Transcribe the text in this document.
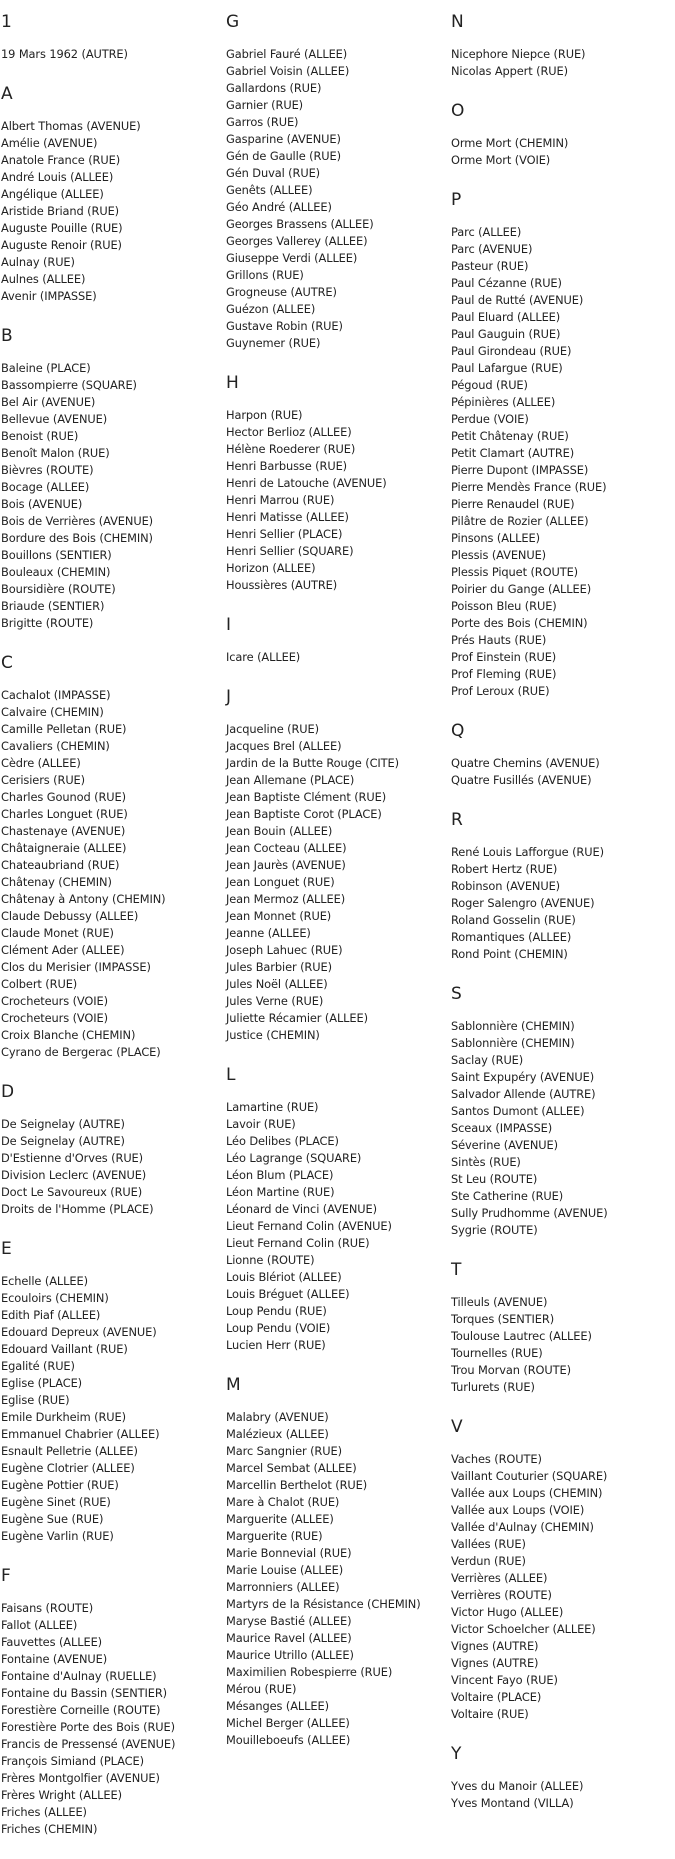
1
19 Mars 1962 (AUTRE)
A
Albert Thomas (AVENUE)
Amélie (AVENUE)
Anatole France (RUE)
André Louis (ALLEE)
Angélique (ALLEE)
Aristide Briand (RUE)
Auguste Pouille (RUE)
Auguste Renoir (RUE)
Aulnay (RUE)
Aulnes (ALLEE)
Avenir (IMPASSE)
B
Baleine (PLACE)
Bassompierre (SQUARE)
Bel Air (AVENUE)
Bellevue (AVENUE)
Benoist (RUE)
Benoît Malon (RUE)
Bièvres (ROUTE)
Bocage (ALLEE)
Bois (AVENUE)
Bois de Verrières (AVENUE)
Bordure des Bois (CHEMIN)
Bouillons (SENTIER)
Bouleaux (CHEMIN)
Boursidière (ROUTE)
Briaude (SENTIER)
Brigitte (ROUTE)
C
Cachalot (IMPASSE)
Calvaire (CHEMIN)
Camille Pelletan (RUE)
Cavaliers (CHEMIN)
Cèdre (ALLEE)
Cerisiers (RUE)
Charles Gounod (RUE)
Charles Longuet (RUE)
Chastenaye (AVENUE)
Châtaigneraie (ALLEE)
Chateaubriand (RUE)
Châtenay (CHEMIN)
Châtenay à Antony (CHEMIN)
Claude Debussy (ALLEE)
Claude Monet (RUE)
Clément Ader (ALLEE)
Clos du Merisier (IMPASSE)
Colbert (RUE)
Crocheteurs (VOIE)
Crocheteurs (VOIE)
Croix Blanche (CHEMIN)
Cyrano de Bergerac (PLACE)
D
De Seignelay (AUTRE)
De Seignelay (AUTRE)
D'Estienne d'Orves (RUE)
Division Leclerc (AVENUE)
Doct Le Savoureux (RUE)
Droits de l'Homme (PLACE)
E
Echelle (ALLEE)
Ecouloirs (CHEMIN)
Edith Piaf (ALLEE)
Edouard Depreux (AVENUE)
Edouard Vaillant (RUE)
Egalité (RUE)
Eglise (PLACE)
Eglise (RUE)
Emile Durkheim (RUE)
Emmanuel Chabrier (ALLEE)
Esnault Pelletrie (ALLEE)
Eugène Clotrier (ALLEE)
Eugène Pottier (RUE)
Eugène Sinet (RUE)
Eugène Sue (RUE)
Eugène Varlin (RUE)
F
Faisans (ROUTE)
Fallot (ALLEE)
Fauvettes (ALLEE)
Fontaine (AVENUE)
Fontaine d'Aulnay (RUELLE)
Fontaine du Bassin (SENTIER)
Forestière Corneille (ROUTE)
Forestière Porte des Bois (RUE)
Francis de Pressensé (AVENUE)
François Simiand (PLACE)
Frères Montgolfier (AVENUE)
Frères Wright (ALLEE)
Friches (ALLEE)
Friches (CHEMIN)
G
Gabriel Fauré (ALLEE)
Gabriel Voisin (ALLEE)
Gallardons (RUE)
Garnier (RUE)
Garros (RUE)
Gasparine (AVENUE)
Gén de Gaulle (RUE)
Gén Duval (RUE)
Genêts (ALLEE)
Géo André (ALLEE)
Georges Brassens (ALLEE)
Georges Vallerey (ALLEE)
Giuseppe Verdi (ALLEE)
Grillons (RUE)
Grogneuse (AUTRE)
Guézon (ALLEE)
Gustave Robin (RUE)
Guynemer (RUE)
H
Harpon (RUE)
Hector Berlioz (ALLEE)
Hélène Roederer (RUE)
Henri Barbusse (RUE)
Henri de Latouche (AVENUE)
Henri Marrou (RUE)
Henri Matisse (ALLEE)
Henri Sellier (PLACE)
Henri Sellier (SQUARE)
Horizon (ALLEE)
Houssières (AUTRE)
I
Icare (ALLEE)
J
Jacqueline (RUE)
Jacques Brel (ALLEE)
Jardin de la Butte Rouge (CITE)
Jean Allemane (PLACE)
Jean Baptiste Clément (RUE)
Jean Baptiste Corot (PLACE)
Jean Bouin (ALLEE)
Jean Cocteau (ALLEE)
Jean Jaurès (AVENUE)
Jean Longuet (RUE)
Jean Mermoz (ALLEE)
Jean Monnet (RUE)
Jeanne (ALLEE)
Joseph Lahuec (RUE)
Jules Barbier (RUE)
Jules Noël (ALLEE)
Jules Verne (RUE)
Juliette Récamier (ALLEE)
Justice (CHEMIN)
L
Lamartine (RUE)
Lavoir (RUE)
Léo Delibes (PLACE)
Léo Lagrange (SQUARE)
Léon Blum (PLACE)
Léon Martine (RUE)
Léonard de Vinci (AVENUE)
Lieut Fernand Colin (AVENUE)
Lieut Fernand Colin (RUE)
Lionne (ROUTE)
Louis Blériot (ALLEE)
Louis Bréguet (ALLEE)
Loup Pendu (RUE)
Loup Pendu (VOIE)
Lucien Herr (RUE)
M
Malabry (AVENUE)
Malézieux (ALLEE)
Marc Sangnier (RUE)
Marcel Sembat (ALLEE)
Marcellin Berthelot (RUE)
Mare à Chalot (RUE)
Marguerite (ALLEE)
Marguerite (RUE)
Marie Bonnevial (RUE)
Marie Louise (ALLEE)
Marronniers (ALLEE)
Martyrs de la Résistance (CHEMIN)
Maryse Bastié (ALLEE)
Maurice Ravel (ALLEE)
Maurice Utrillo (ALLEE)
Maximilien Robespierre (RUE)
Mérou (RUE)
Mésanges (ALLEE)
Michel Berger (ALLEE)
Mouilleboeufs (ALLEE)
N
Nicephore Niepce (RUE)
Nicolas Appert (RUE)
O
Orme Mort (CHEMIN)
Orme Mort (VOIE)
P
Parc (ALLEE)
Parc (AVENUE)
Pasteur (RUE)
Paul Cézanne (RUE)
Paul de Rutté (AVENUE)
Paul Eluard (ALLEE)
Paul Gauguin (RUE)
Paul Girondeau (RUE)
Paul Lafargue (RUE)
Pégoud (RUE)
Pépinières (ALLEE)
Perdue (VOIE)
Petit Châtenay (RUE)
Petit Clamart (AUTRE)
Pierre Dupont (IMPASSE)
Pierre Mendès France (RUE)
Pierre Renaudel (RUE)
Pilâtre de Rozier (ALLEE)
Pinsons (ALLEE)
Plessis (AVENUE)
Plessis Piquet (ROUTE)
Poirier du Gange (ALLEE)
Poisson Bleu (RUE)
Porte des Bois (CHEMIN)
Prés Hauts (RUE)
Prof Einstein (RUE)
Prof Fleming (RUE)
Prof Leroux (RUE)
Q
Quatre Chemins (AVENUE)
Quatre Fusillés (AVENUE)
R
René Louis Lafforgue (RUE)
Robert Hertz (RUE)
Robinson (AVENUE)
Roger Salengro (AVENUE)
Roland Gosselin (RUE)
Romantiques (ALLEE)
Rond Point (CHEMIN)
S
Sablonnière (CHEMIN)
Sablonnière (CHEMIN)
Saclay (RUE)
Saint Expupéry (AVENUE)
Salvador Allende (AUTRE)
Santos Dumont (ALLEE)
Sceaux (IMPASSE)
Séverine (AVENUE)
Sintès (RUE)
St Leu (ROUTE)
Ste Catherine (RUE)
Sully Prudhomme (AVENUE)
Sygrie (ROUTE)
T
Tilleuls (AVENUE)
Torques (SENTIER)
Toulouse Lautrec (ALLEE)
Tournelles (RUE)
Trou Morvan (ROUTE)
Turlurets (RUE)
V
Vaches (ROUTE)
Vaillant Couturier (SQUARE)
Vallée aux Loups (CHEMIN)
Vallée aux Loups (VOIE)
Vallée d'Aulnay (CHEMIN)
Vallées (RUE)
Verdun (RUE)
Verrières (ALLEE)
Verrières (ROUTE)
Victor Hugo (ALLEE)
Victor Schoelcher (ALLEE)
Vignes (AUTRE)
Vignes (AUTRE)
Vincent Fayo (RUE)
Voltaire (PLACE)
Voltaire (RUE)
Y
Yves du Manoir (ALLEE)
Yves Montand (VILLA)
